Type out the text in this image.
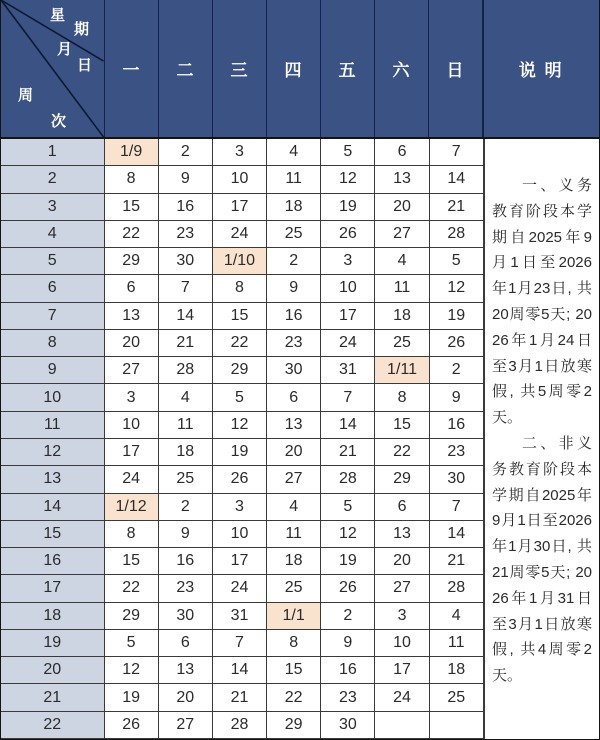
星
期
月
日
周
次
一	二	三	四	五	六	日	说 明
1	1/9	2	3	4	5	6	7
2	8	9	10	11	12	13	14
3	15	16	17	18	19	20	21
4	22	23	24	25	26	27	28
5	29	30	1/10	2	3	4	5
6	6	7	8	9	10	11	12
7	13	14	15	16	17	18	19
8	20	21	22	23	24	25	26
9	27	28	29	30	31	1/11	2
10	3	4	5	6	7	8	9
11	10	11	12	13	14	15	16
12	17	18	19	20	21	22	23
13	24	25	26	27	28	29	30
14	1/12	2	3	4	5	6	7
15	8	9	10	11	12	13	14
16	15	16	17	18	19	20	21
17	22	23	24	25	26	27	28
18	29	30	31	1/1	2	3	4
19	5	6	7	8	9	10	11
20	12	13	14	15	16	17	18
21	19	20	21	22	23	24	25
22	26	27	28	29	30

一、义务教育阶段本学期自2025年9月1日至2026年1月23日, 共20周零5天; 2026年1月24日至3月1日放寒假, 共5周零2天。

二、非义务教育阶段本学期自2025年9月1日至2026年1月30日, 共21周零5天; 2026年1月31日至3月1日放寒假, 共4周零2天。
